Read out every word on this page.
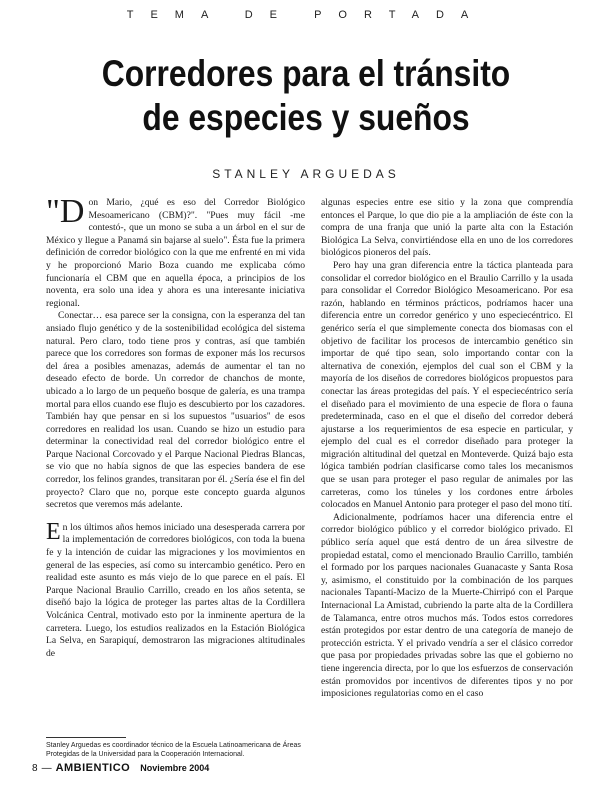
TEMA DE PORTADA
Corredores para el tránsito
de especies y sueños
STANLEY ARGUEDAS

"Don Mario, ¿qué es eso del Corredor Biológico Mesoamericano (CBM)?". "Pues muy fácil -me contestó-, que un mono se suba a un árbol en el sur de México y llegue a Panamá sin bajarse al suelo". Ésta fue la primera definición de corredor biológico con la que me enfrenté en mi vida y he proporcionó Mario Boza cuando me explicaba cómo funcionaría el CBM que en aquella época, a principios de los noventa, era solo una idea y ahora es una interesante iniciativa regional.

Conectar… esa parece ser la consigna, con la esperanza del tan ansiado flujo genético y de la sostenibilidad ecológica del sistema natural. Pero claro, todo tiene pros y contras, así que también parece que los corredores son formas de exponer más los recursos del área a posibles amenazas, además de aumentar el tan no deseado efecto de borde. Un corredor de chanchos de monte, ubicado a lo largo de un pequeño bosque de galería, es una trampa mortal para ellos cuando ese flujo es descubierto por los cazadores. También hay que pensar en si los supuestos "usuarios" de esos corredores en realidad los usan. Cuando se hizo un estudio para determinar la conectividad real del corredor biológico entre el Parque Nacional Corcovado y el Parque Nacional Piedras Blancas, se vio que no había signos de que las especies bandera de ese corredor, los felinos grandes, transitaran por él. ¿Sería ése el fin del proyecto? Claro que no, porque este concepto guarda algunos secretos que veremos más adelante.

En los últimos años hemos iniciado una desesperada carrera por la implementación de corredores biológicos, con toda la buena fe y la intención de cuidar las migraciones y los movimientos en general de las especies, así como su intercambio genético. Pero en realidad este asunto es más viejo de lo que parece en el país. El Parque Nacional Braulio Carrillo, creado en los años setenta, se diseñó bajo la lógica de proteger las partes altas de la Cordillera Volcánica Central, motivado esto por la inminente apertura de la carretera. Luego, los estudios realizados en la Estación Biológica La Selva, en Sarapiquí, demostraron las migraciones altitudinales de

algunas especies entre ese sitio y la zona que comprendía entonces el Parque, lo que dio pie a la ampliación de éste con la compra de una franja que unió la parte alta con la Estación Biológica La Selva, convirtiéndose ella en uno de los corredores biológicos pioneros del país.

Pero hay una gran diferencia entre la táctica planteada para consolidar el corredor biológico en el Braulio Carrillo y la usada para consolidar el Corredor Biológico Mesoamericano. Por esa razón, hablando en términos prácticos, podríamos hacer una diferencia entre un corredor genérico y uno especiecéntrico. El genérico sería el que simplemente conecta dos biomasas con el objetivo de facilitar los procesos de intercambio genético sin importar de qué tipo sean, solo importando contar con la alternativa de conexión, ejemplos del cual son el CBM y la mayoría de los diseños de corredores biológicos propuestos para conectar las áreas protegidas del país. Y el especiecéntrico sería el diseñado para el movimiento de una especie de flora o fauna predeterminada, caso en el que el diseño del corredor deberá ajustarse a los requerimientos de esa especie en particular, y ejemplo del cual es el corredor diseñado para proteger la migración altitudinal del quetzal en Monteverde. Quizá bajo esta lógica también podrían clasificarse como tales los mecanismos que se usan para proteger el paso regular de animales por las carreteras, como los túneles y los cordones entre árboles colocados en Manuel Antonio para proteger el paso del mono tití.

Adicionalmente, podríamos hacer una diferencia entre el corredor biológico público y el corredor biológico privado. El público sería aquel que está dentro de un área silvestre de propiedad estatal, como el mencionado Braulio Carrillo, también el formado por los parques nacionales Guanacaste y Santa Rosa y, asimismo, el constituido por la combinación de los parques nacionales Tapantí-Macizo de la Muerte-Chirripó con el Parque Internacional La Amistad, cubriendo la parte alta de la Cordillera de Talamanca, entre otros muchos más. Todos estos corredores están protegidos por estar dentro de una categoría de manejo de protección estricta. Y el privado vendría a ser el clásico corredor que pasa por propiedades privadas sobre las que el gobierno no tiene ingerencia directa, por lo que los esfuerzos de conservación están promovidos por incentivos de diferentes tipos y no por imposiciones regulatorias como en el caso

Stanley Arguedas es coordinador técnico de la Escuela Latinoamericana de Áreas Protegidas de la Universidad para la Cooperación Internacional.
8 — AMBIENTICO Noviembre 2004
